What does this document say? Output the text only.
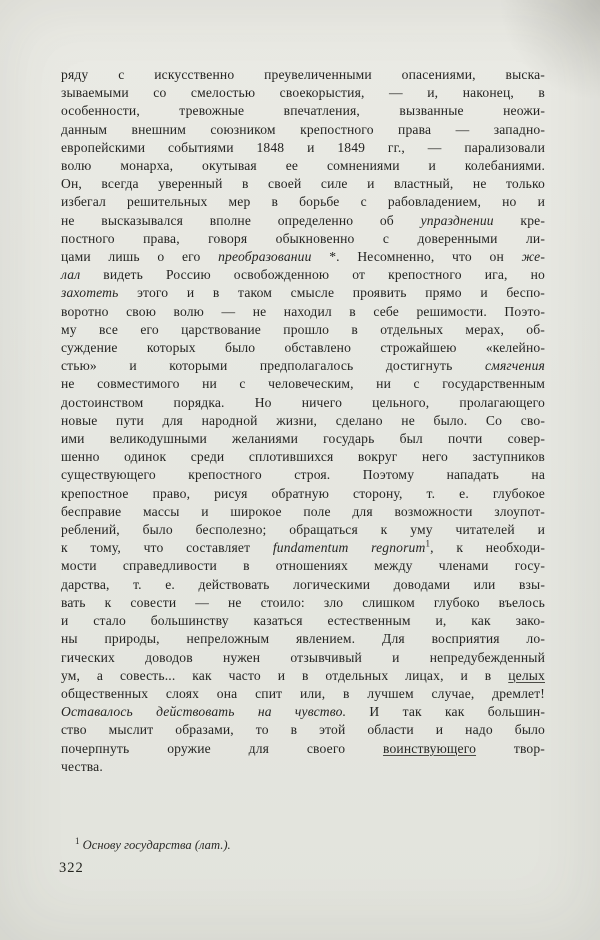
ряду с искусственно преувеличенными опасениями, выска-
зываемыми со смелостью своекорыстия, — и, наконец, в
особенности, тревожные впечатления, вызванные неожи-
данным внешним союзником крепостного права — западно-
европейскими событиями 1848 и 1849 гг., — парализовали
волю монарха, окутывая ее сомнениями и колебаниями.
Он, всегда уверенный в своей силе и властный, не только
избегал решительных мер в борьбе с рабовладением, но и
не высказывался вполне определенно об упразднении кре-
постного права, говоря обыкновенно с доверенными ли-
цами лишь о его преобразовании *. Несомненно, что он же-
лал видеть Россию освобожденною от крепостного ига, но
захотеть этого и в таком смысле проявить прямо и беспо-
воротно свою волю — не находил в себе решимости. Поэто-
му все его царствование прошло в отдельных мерах, об-
суждение которых было обставлено строжайшею «келейно-
стью» и которыми предполагалось достигнуть смягчения
не совместимого ни с человеческим, ни с государственным
достоинством порядка. Но ничего цельного, пролагающего
новые пути для народной жизни, сделано не было. Со сво-
ими великодушными желаниями государь был почти совер-
шенно одинок среди сплотившихся вокруг него заступников
существующего крепостного строя. Поэтому нападать на
крепостное право, рисуя обратную сторону, т. е. глубокое
бесправие массы и широкое поле для возможности злоупот-
реблений, было бесполезно; обращаться к уму читателей и
к тому, что составляет fundamentum regnorum$^1$, к необходи-
мости справедливости в отношениях между членами госу-
дарства, т. е. действовать логическими доводами или взы-
вать к совести — не стоило: зло слишком глубоко въелось
и стало большинству казаться естественным и, как зако-
ны природы, непреложным явлением. Для восприятия ло-
гических доводов нужен отзывчивый и непредубежденный
ум, а совесть... как часто и в отдельных лицах, и в целых
общественных слоях она спит или, в лучшем случае, дремлет!
Оставалось действовать на чувство. И так как большин-
ство мыслит образами, то в этой области и надо было
почерпнуть оружие для своего воинствующего твор-
чества.
$^1$ Основу государства (лат.).
322
